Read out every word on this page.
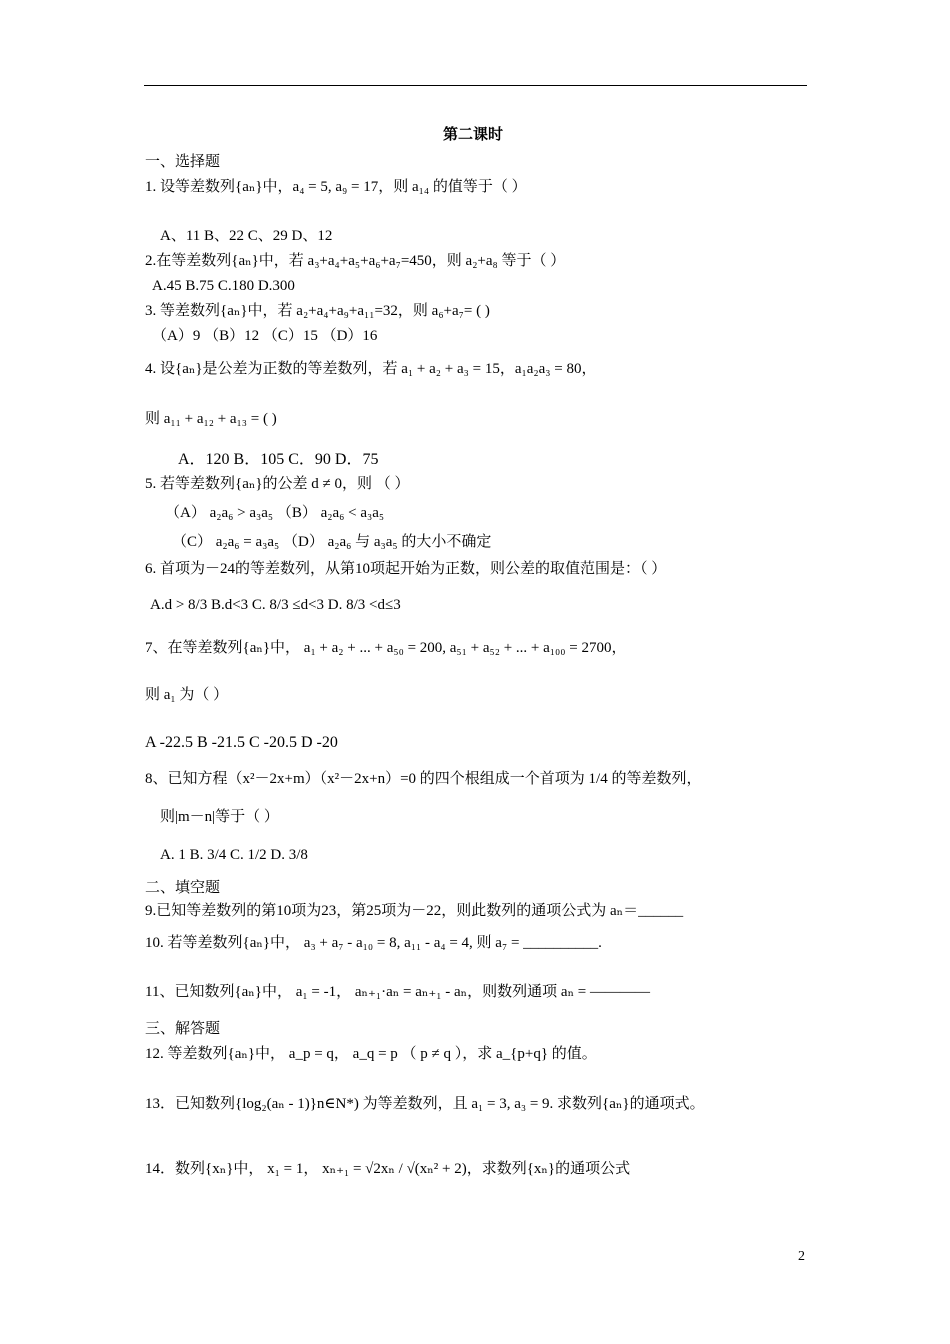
第二课时
一、选择题
1. 设等差数列{aₙ}中，a₄ = 5, a₉ = 17，则 a₁₄ 的值等于（ ）
A、11 B、22 C、29 D、12
2.在等差数列{aₙ}中，若 a₃+a₄+a₅+a₆+a₇=450，则 a₂+a₈ 等于（ ）
A.45 B.75 C.180 D.300
3. 等差数列{aₙ}中，若 a₂+a₄+a₉+a₁₁=32，则 a₆+a₇= ( )
（A）9 （B）12 （C）15 （D）16
4. 设{aₙ}是公差为正数的等差数列，若 a₁ + a₂ + a₃ = 15，a₁a₂a₃ = 80，
则 a₁₁ + a₁₂ + a₁₃ = ( )
A．120 B．105 C．90 D．75
5. 若等差数列{aₙ}的公差 d ≠ 0，则 （ ）
（A） a₂a₆ > a₃a₅ （B） a₂a₆ < a₃a₅
（C） a₂a₆ = a₃a₅ （D） a₂a₆ 与 a₃a₅ 的大小不确定
6. 首项为－24的等差数列，从第10项起开始为正数，则公差的取值范围是：（ ）
A.d > 8/3 B.d<3 C. 8/3 ≤d<3 D. 8/3 <d≤3
7、在等差数列{aₙ}中， a₁ + a₂ + ... + a₅₀ = 200, a₅₁ + a₅₂ + ... + a₁₀₀ = 2700，
则 a₁ 为（ ）
A -22.5 B -21.5 C -20.5 D -20
8、已知方程（x²－2x+m）（x²－2x+n）=0 的四个根组成一个首项为 1/4 的等差数列，
则|m－n|等于（ ）
A. 1 B. 3/4 C. 1/2 D. 3/8
二、填空题
9.已知等差数列的第10项为23，第25项为－22，则此数列的通项公式为 aₙ＝______
10. 若等差数列{aₙ}中， a₃ + a₇ - a₁₀ = 8, a₁₁ - a₄ = 4, 则 a₇ = __________.
11、已知数列{aₙ}中， a₁ = -1， aₙ₊₁·aₙ = aₙ₊₁ - aₙ，则数列通项 aₙ = ————
三、解答题
12. 等差数列{aₙ}中， a_p = q， a_q = p （ p ≠ q ），求 a_{p+q} 的值。
13．已知数列{log₂(aₙ - 1)}n∈N*) 为等差数列，且 a₁ = 3, a₃ = 9. 求数列{aₙ}的通项式。
14．数列{xₙ}中， x₁ = 1， xₙ₊₁ = √2xₙ / √(xₙ² + 2)，求数列{xₙ}的通项公式
2
